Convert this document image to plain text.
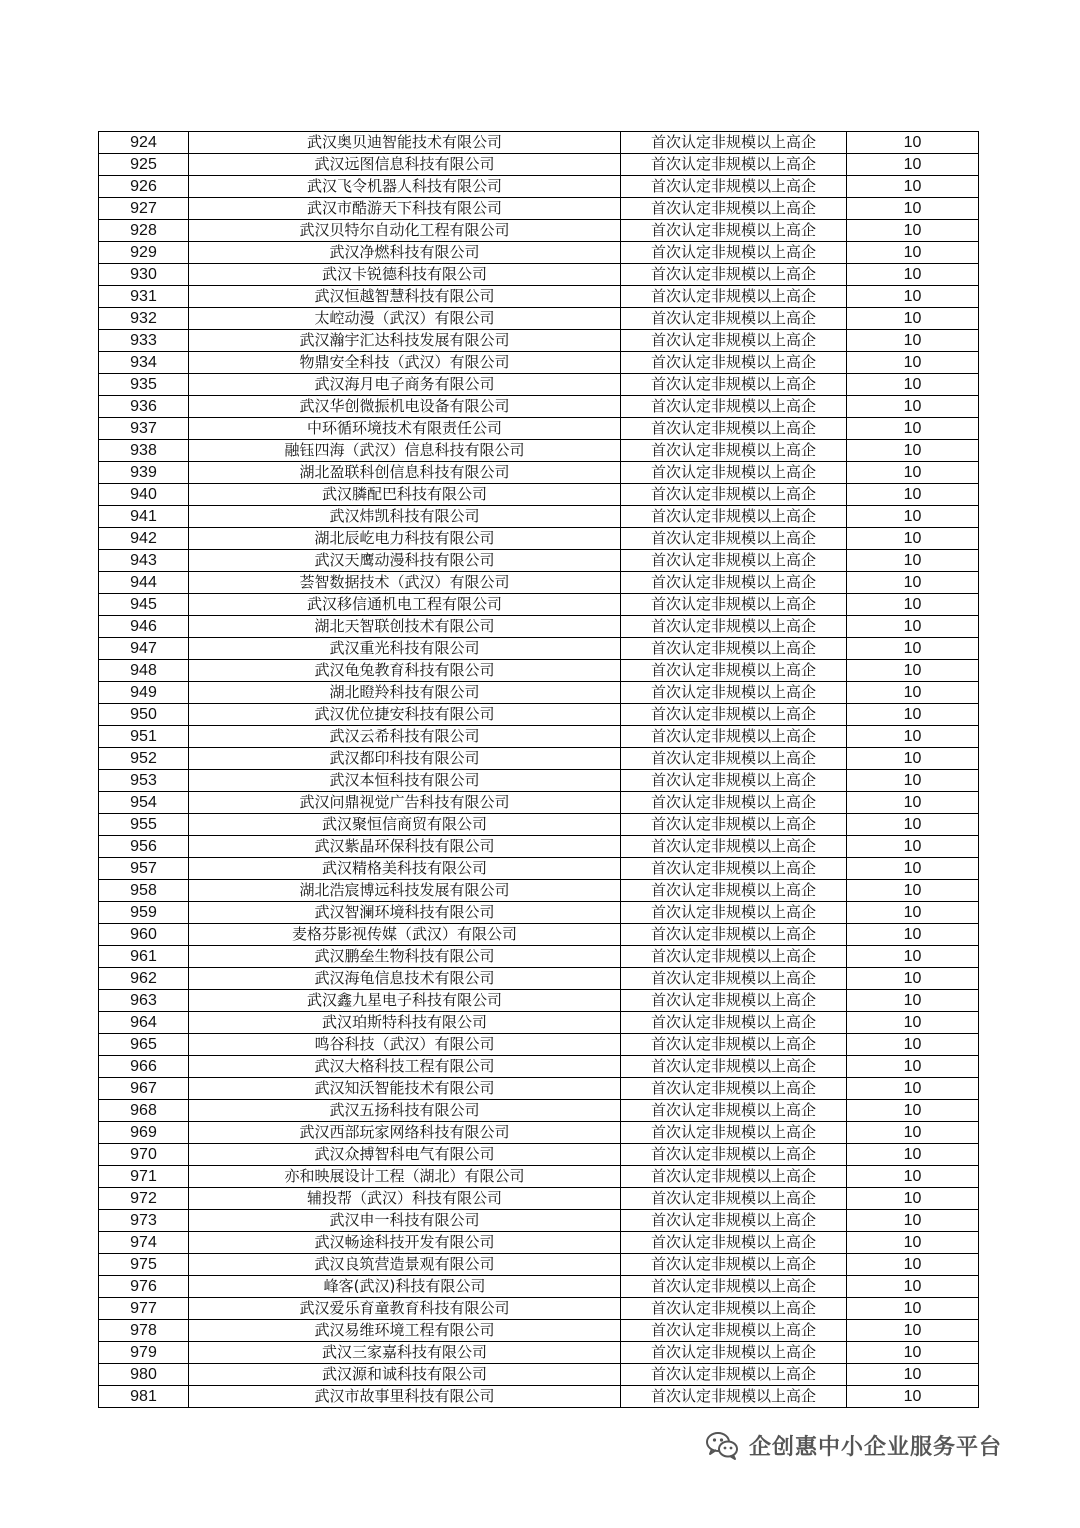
924	武汉奥贝迪智能技术有限公司	首次认定非规模以上高企	10
925	武汉远图信息科技有限公司	首次认定非规模以上高企	10
926	武汉飞令机器人科技有限公司	首次认定非规模以上高企	10
927	武汉市酷游天下科技有限公司	首次认定非规模以上高企	10
928	武汉贝特尔自动化工程有限公司	首次认定非规模以上高企	10
929	武汉净燃科技有限公司	首次认定非规模以上高企	10
930	武汉卡锐德科技有限公司	首次认定非规模以上高企	10
931	武汉恒越智慧科技有限公司	首次认定非规模以上高企	10
932	太崆动漫（武汉）有限公司	首次认定非规模以上高企	10
933	武汉瀚宇汇达科技发展有限公司	首次认定非规模以上高企	10
934	物鼎安全科技（武汉）有限公司	首次认定非规模以上高企	10
935	武汉海月电子商务有限公司	首次认定非规模以上高企	10
936	武汉华创微振机电设备有限公司	首次认定非规模以上高企	10
937	中环循环境技术有限责任公司	首次认定非规模以上高企	10
938	融钰四海（武汉）信息科技有限公司	首次认定非规模以上高企	10
939	湖北盈联科创信息科技有限公司	首次认定非规模以上高企	10
940	武汉膦配巴科技有限公司	首次认定非规模以上高企	10
941	武汉炜凯科技有限公司	首次认定非规模以上高企	10
942	湖北辰屹电力科技有限公司	首次认定非规模以上高企	10
943	武汉天鹰动漫科技有限公司	首次认定非规模以上高企	10
944	荟智数据技术（武汉）有限公司	首次认定非规模以上高企	10
945	武汉移信通机电工程有限公司	首次认定非规模以上高企	10
946	湖北天智联创技术有限公司	首次认定非规模以上高企	10
947	武汉重光科技有限公司	首次认定非规模以上高企	10
948	武汉龟兔教育科技有限公司	首次认定非规模以上高企	10
949	湖北瞪羚科技有限公司	首次认定非规模以上高企	10
950	武汉优位捷安科技有限公司	首次认定非规模以上高企	10
951	武汉云希科技有限公司	首次认定非规模以上高企	10
952	武汉都印科技有限公司	首次认定非规模以上高企	10
953	武汉本恒科技有限公司	首次认定非规模以上高企	10
954	武汉问鼎视觉广告科技有限公司	首次认定非规模以上高企	10
955	武汉聚恒信商贸有限公司	首次认定非规模以上高企	10
956	武汉紫晶环保科技有限公司	首次认定非规模以上高企	10
957	武汉精格美科技有限公司	首次认定非规模以上高企	10
958	湖北浩宸博远科技发展有限公司	首次认定非规模以上高企	10
959	武汉智澜环境科技有限公司	首次认定非规模以上高企	10
960	麦格芬影视传媒（武汉）有限公司	首次认定非规模以上高企	10
961	武汉鹏垒生物科技有限公司	首次认定非规模以上高企	10
962	武汉海龟信息技术有限公司	首次认定非规模以上高企	10
963	武汉鑫九星电子科技有限公司	首次认定非规模以上高企	10
964	武汉珀斯特科技有限公司	首次认定非规模以上高企	10
965	鸣谷科技（武汉）有限公司	首次认定非规模以上高企	10
966	武汉大格科技工程有限公司	首次认定非规模以上高企	10
967	武汉知沃智能技术有限公司	首次认定非规模以上高企	10
968	武汉五扬科技有限公司	首次认定非规模以上高企	10
969	武汉西部玩家网络科技有限公司	首次认定非规模以上高企	10
970	武汉众搏智科电气有限公司	首次认定非规模以上高企	10
971	亦和映展设计工程（湖北）有限公司	首次认定非规模以上高企	10
972	辅投帮（武汉）科技有限公司	首次认定非规模以上高企	10
973	武汉申一科技有限公司	首次认定非规模以上高企	10
974	武汉畅途科技开发有限公司	首次认定非规模以上高企	10
975	武汉良筑营造景观有限公司	首次认定非规模以上高企	10
976	峰客(武汉)科技有限公司	首次认定非规模以上高企	10
977	武汉爱乐育童教育科技有限公司	首次认定非规模以上高企	10
978	武汉易维环境工程有限公司	首次认定非规模以上高企	10
979	武汉三家嘉科技有限公司	首次认定非规模以上高企	10
980	武汉源和诚科技有限公司	首次认定非规模以上高企	10
981	武汉市故事里科技有限公司	首次认定非规模以上高企	10
企创惠中小企业服务平台
